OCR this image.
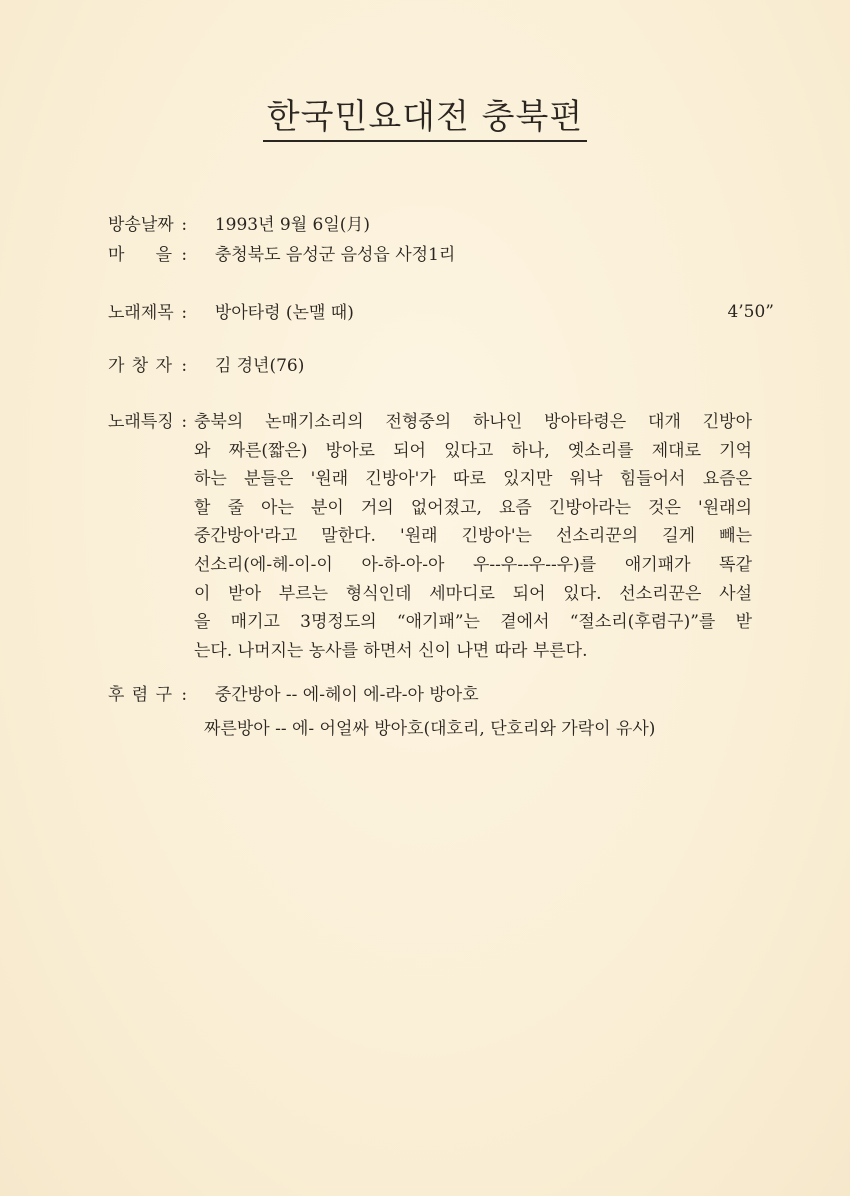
한국민요대전 충북편
방송날짜 : 1993년 9월 6일(月)
마 을 : 충청북도 음성군 음성읍 사정1리
노래제목 : 방아타령 (논맬 때)	4’50”
가 창 자 : 김 경년(76)
노래특징 : 충북의 논매기소리의 전형중의 하나인 방아타령은 대개 긴방아
와 짜른(짧은) 방아로 되어 있다고 하나, 옛소리를 제대로 기억
하는 분들은 '원래 긴방아'가 따로 있지만 워낙 힘들어서 요즘은
할 줄 아는 분이 거의 없어졌고, 요즘 긴방아라는 것은 '원래의
중간방아'라고 말한다. '원래 긴방아'는 선소리꾼의 길게 빼는
선소리(에-헤-이-이 아-하-아-아 우--우--우--우)를 애기패가 똑같
이 받아 부르는 형식인데 세마디로 되어 있다. 선소리꾼은 사설
을 매기고 3명정도의 “애기패”는 곁에서 “절소리(후렴구)”를 받
는다. 나머지는 농사를 하면서 신이 나면 따라 부른다.
후 렴 구 : 중간방아 -- 에-헤이 에-라-아 방아호
짜른방아 -- 에- 어얼싸 방아호(대호리, 단호리와 가락이 유사)
